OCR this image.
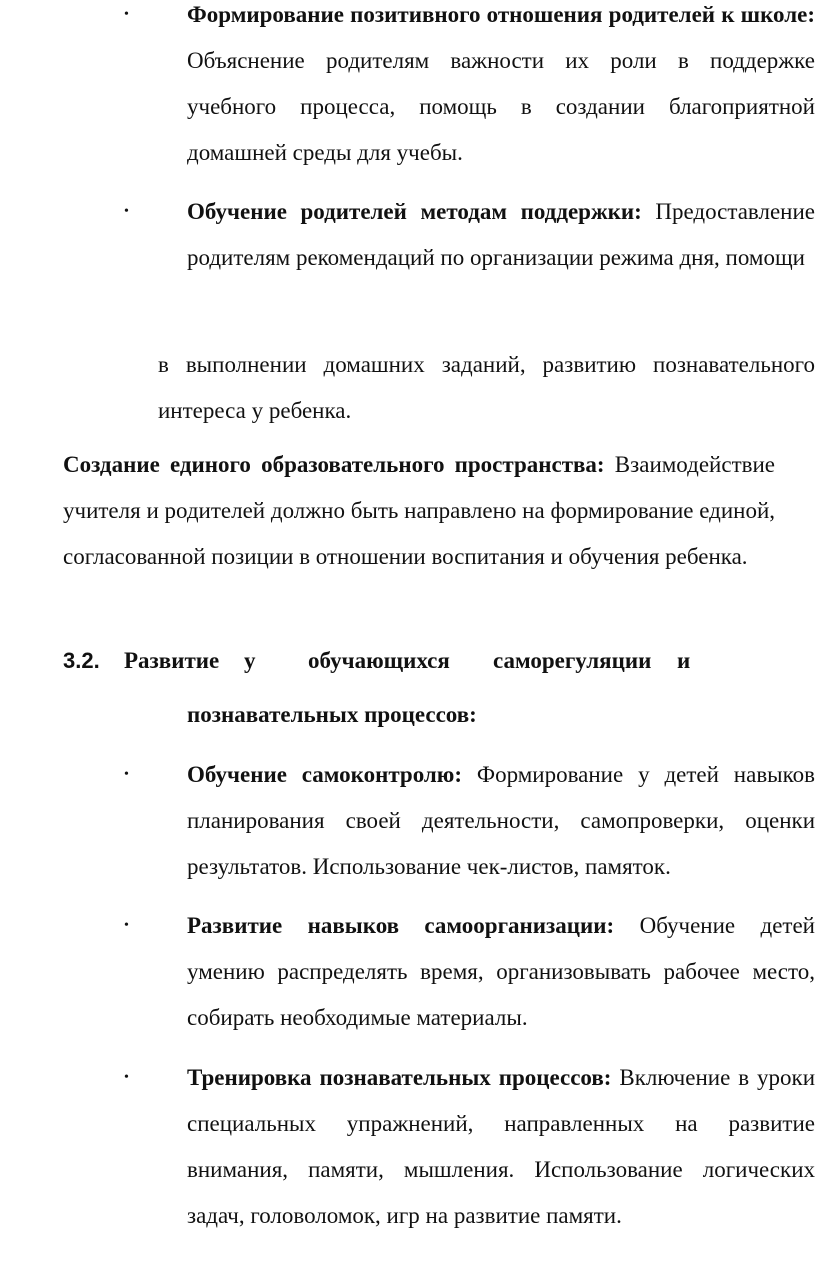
•	Формирование позитивного отношения родителей к школе: Объяснение родителям важности их роли в поддержке учебного процесса, помощь в создании благоприятной домашней среды для учебы.
•	Обучение родителей методам поддержки: Предоставление родителям рекомендаций по организации режима дня, помощи
в выполнении домашних заданий, развитию познавательного интереса у ребенка.
Создание единого образовательного пространства: Взаимодействие учителя и родителей должно быть направлено на формирование единой, согласованной позиции в отношении воспитания и обучения ребенка.
3.2. Развитие у обучающихся саморегуляции и
познавательных процессов:
•	Обучение самоконтролю: Формирование у детей навыков планирования своей деятельности, самопроверки, оценки результатов. Использование чек-листов, памяток.
•	Развитие навыков самоорганизации: Обучение детей умению распределять время, организовывать рабочее место, собирать необходимые материалы.
•	Тренировка познавательных процессов: Включение в уроки специальных упражнений, направленных на развитие внимания, памяти, мышления. Использование логических задач, головоломок, игр на развитие памяти.
